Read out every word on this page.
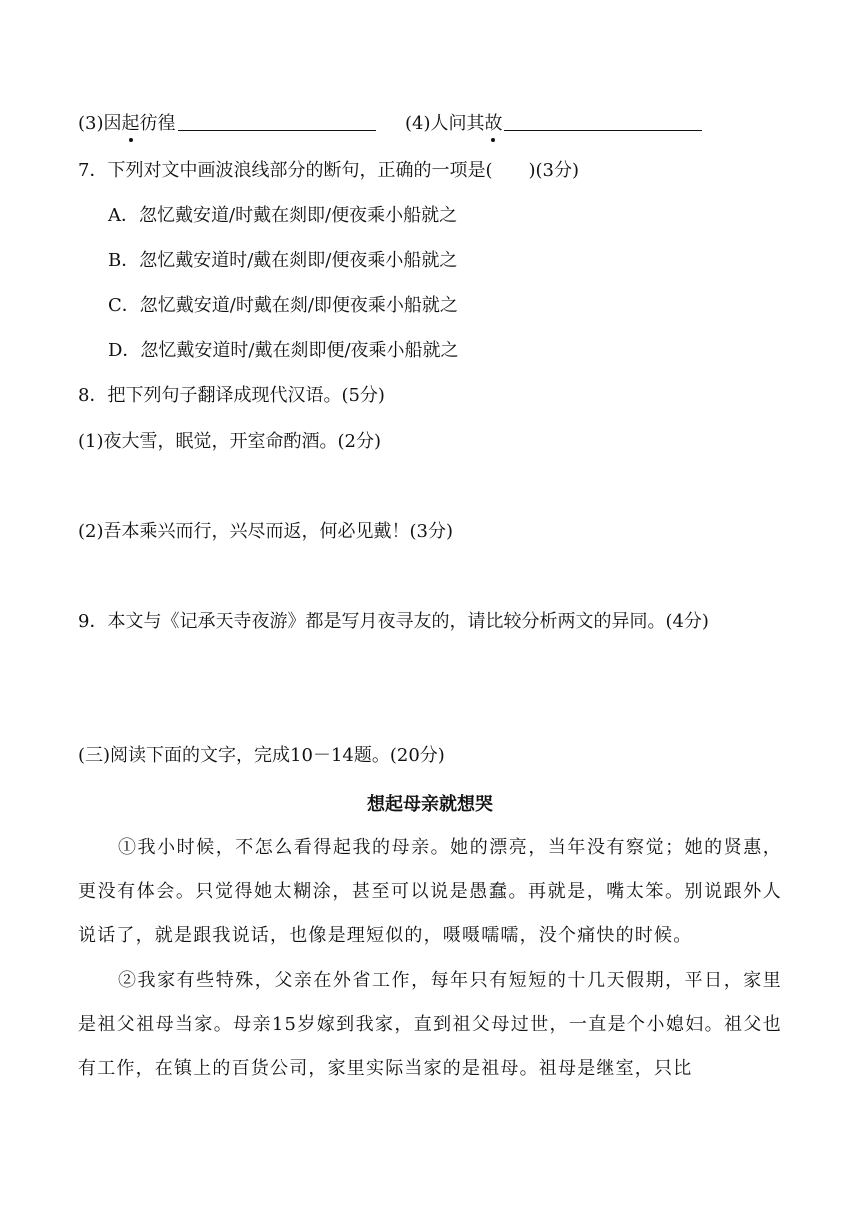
(3)因起彷徨	(4)人问其故
7．下列对文中画波浪线部分的断句，正确的一项是(　　)(3分)
A．忽忆戴安道/时戴在剡即/便夜乘小船就之
B．忽忆戴安道时/戴在剡即/便夜乘小船就之
C．忽忆戴安道/时戴在剡/即便夜乘小船就之
D．忽忆戴安道时/戴在剡即便/夜乘小船就之
8．把下列句子翻译成现代汉语。(5分)
(1)夜大雪，眠觉，开室命酌酒。(2分)
(2)吾本乘兴而行，兴尽而返，何必见戴！(3分)
9．本文与《记承天寺夜游》都是写月夜寻友的，请比较分析两文的异同。(4分)
(三)阅读下面的文字，完成10－14题。(20分)
想起母亲就想哭
①我小时候，不怎么看得起我的母亲。她的漂亮，当年没有察觉；她的贤惠，更没有体会。只觉得她太糊涂，甚至可以说是愚蠢。再就是，嘴太笨。别说跟外人说话了，就是跟我说话，也像是理短似的，嗫嗫嚅嚅，没个痛快的时候。
②我家有些特殊，父亲在外省工作，每年只有短短的十几天假期，平日，家里是祖父祖母当家。母亲15岁嫁到我家，直到祖父母过世，一直是个小媳妇。祖父也有工作，在镇上的百货公司，家里实际当家的是祖母。祖母是继室，只比
